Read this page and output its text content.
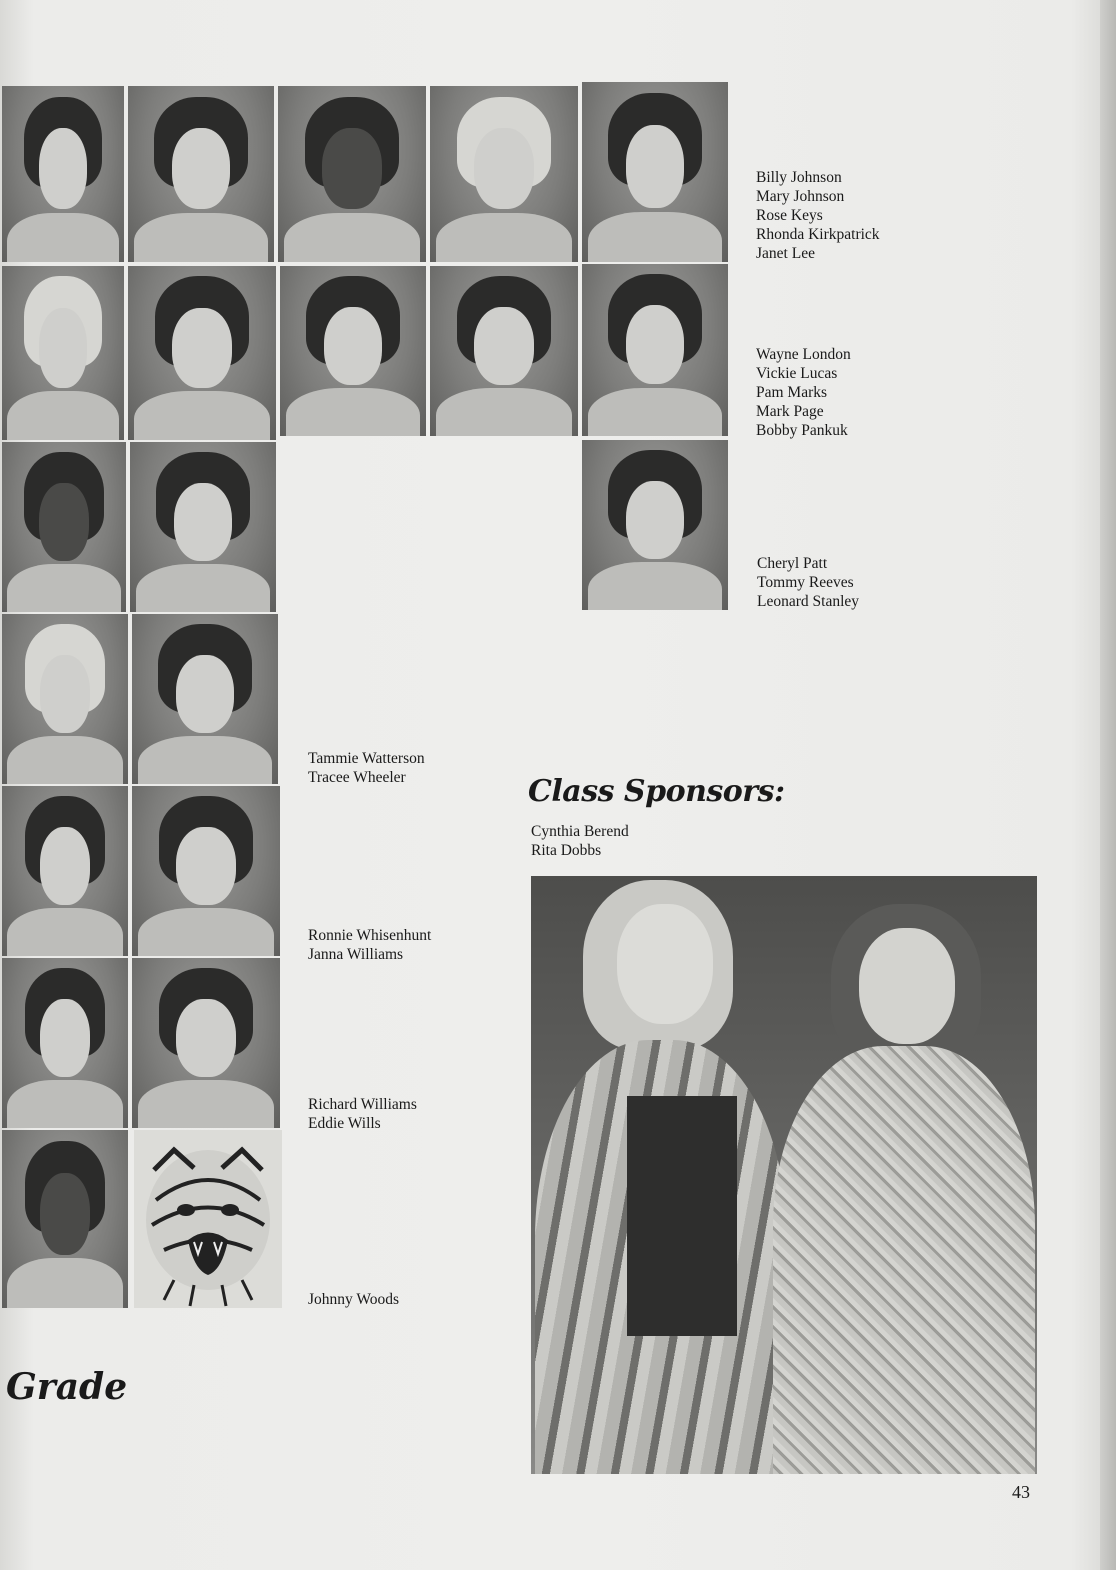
Billy Johnson
Mary Johnson
Rose Keys
Rhonda Kirkpatrick
Janet Lee
Wayne London
Vickie Lucas
Pam Marks
Mark Page
Bobby Pankuk
Cheryl Patt
Tommy Reeves
Leonard Stanley
Tammie Watterson
Tracee Wheeler
Ronnie Whisenhunt
Janna Williams
Richard Williams
Eddie Wills
Johnny Woods
Class Sponsors:
Cynthia Berend
Rita Dobbs
Grade
43
